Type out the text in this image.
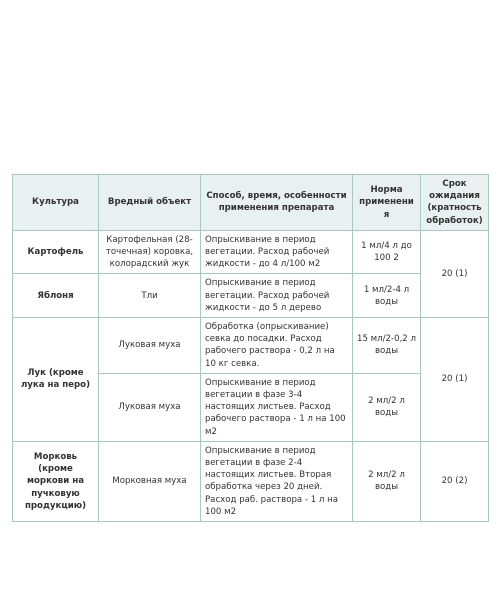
Культура	Вредный объект	Способ, время, особенности применения препарата	Норма применения	Срок ожидания (кратность обработок)
Картофель	Картофельная (28-точечная) коровка, колорадский жук	Опрыскивание в период вегетации. Расход рабочей жидкости - до 4 л/100 м2	1 мл/4 л до 100 2	20 (1)
Яблоня	Тли	Опрыскивание в период вегетации. Расход рабочей жидкости - до 5 л дерево	1 мл/2-4 л воды	
Лук (кроме лука на перо)	Луковая муха	Обработка (опрыскивание) севка до посадки. Расход рабочего раствора - 0,2 л на 10 кг севка.	15 мл/2-0,2 л воды	20 (1)
	Луковая муха	Опрыскивание в период вегетации в фазе 3-4 настоящих листьев. Расход рабочего раствора - 1 л на 100 м2	2 мл/2 л воды	
Морковь (кроме моркови на пучковую продукцию)	Морковная муха	Опрыскивание в период вегетации в фазе 2-4 настоящих листьев. Вторая обработка через 20 дней. Расход раб. раствора - 1 л на 100 м2	2 мл/2 л воды	20 (2)
